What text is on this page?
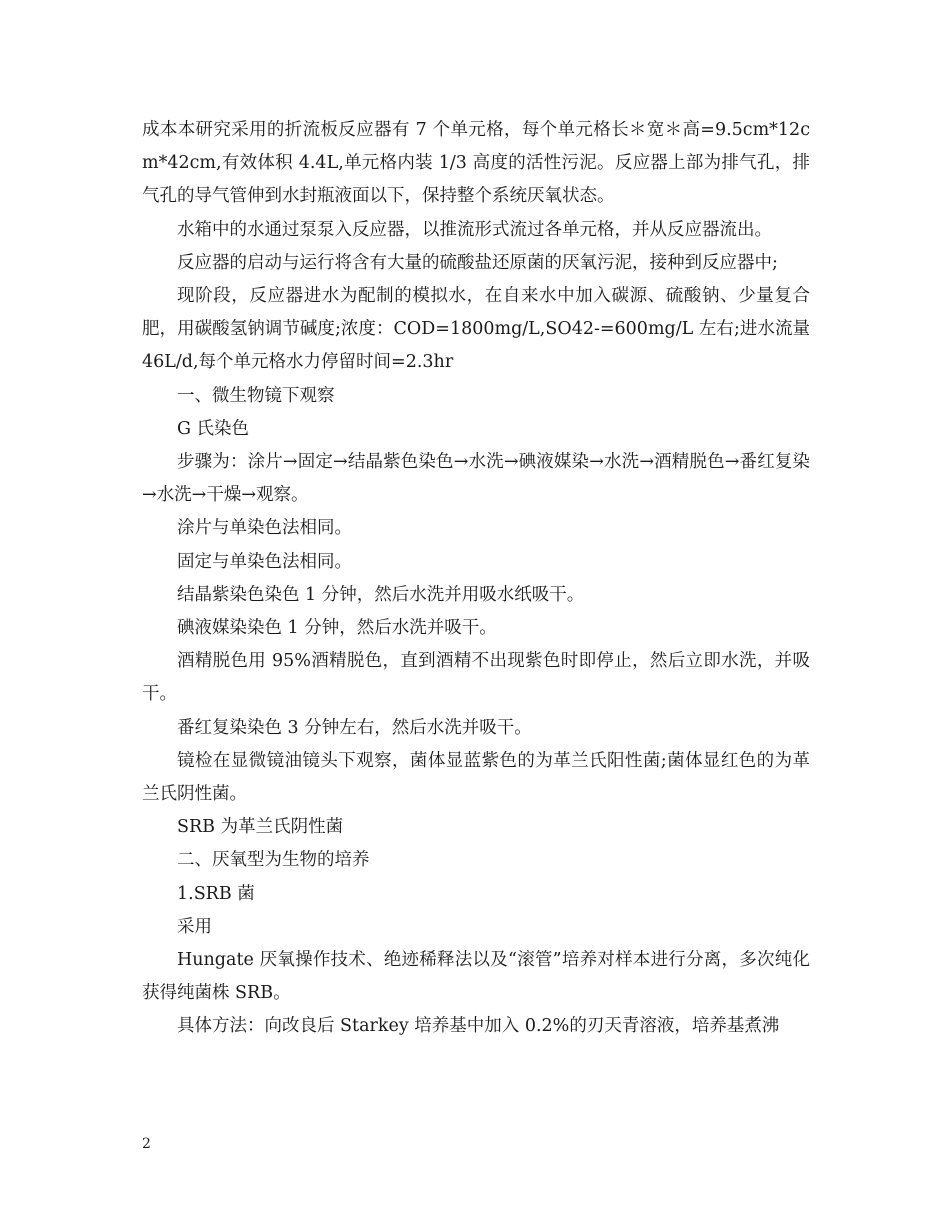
成本本研究采用的折流板反应器有 7 个单元格，每个单元格长＊宽＊高=9.5cm*12cm*42cm,有效体积 4.4L,单元格内装 1/3 高度的活性污泥。反应器上部为排气孔，排气孔的导气管伸到水封瓶液面以下，保持整个系统厌氧状态。

水箱中的水通过泵泵入反应器，以推流形式流过各单元格，并从反应器流出。

反应器的启动与运行将含有大量的硫酸盐还原菌的厌氧污泥，接种到反应器中;

现阶段，反应器进水为配制的模拟水，在自来水中加入碳源、硫酸钠、少量复合肥，用碳酸氢钠调节碱度;浓度：COD=1800mg/L,SO42-=600mg/L 左右;进水流量 46L/d,每个单元格水力停留时间=2.3hr

一、微生物镜下观察

G 氏染色

步骤为：涂片→固定→结晶紫色染色→水洗→碘液媒染→水洗→酒精脱色→番红复染→水洗→干燥→观察。

涂片与单染色法相同。

固定与单染色法相同。

结晶紫染色染色 1 分钟，然后水洗并用吸水纸吸干。

碘液媒染染色 1 分钟，然后水洗并吸干。

酒精脱色用 95%酒精脱色，直到酒精不出现紫色时即停止，然后立即水洗，并吸干。

番红复染染色 3 分钟左右，然后水洗并吸干。

镜检在显微镜油镜头下观察，菌体显蓝紫色的为革兰氏阳性菌;菌体显红色的为革兰氏阴性菌。

SRB 为革兰氏阴性菌

二、厌氧型为生物的培养

1.SRB 菌

采用

Hungate 厌氧操作技术、绝迹稀释法以及“滚管”培养对样本进行分离，多次纯化获得纯菌株 SRB。

具体方法：向改良后 Starkey 培养基中加入 0.2%的刃天青溶液，培养基煮沸

2
